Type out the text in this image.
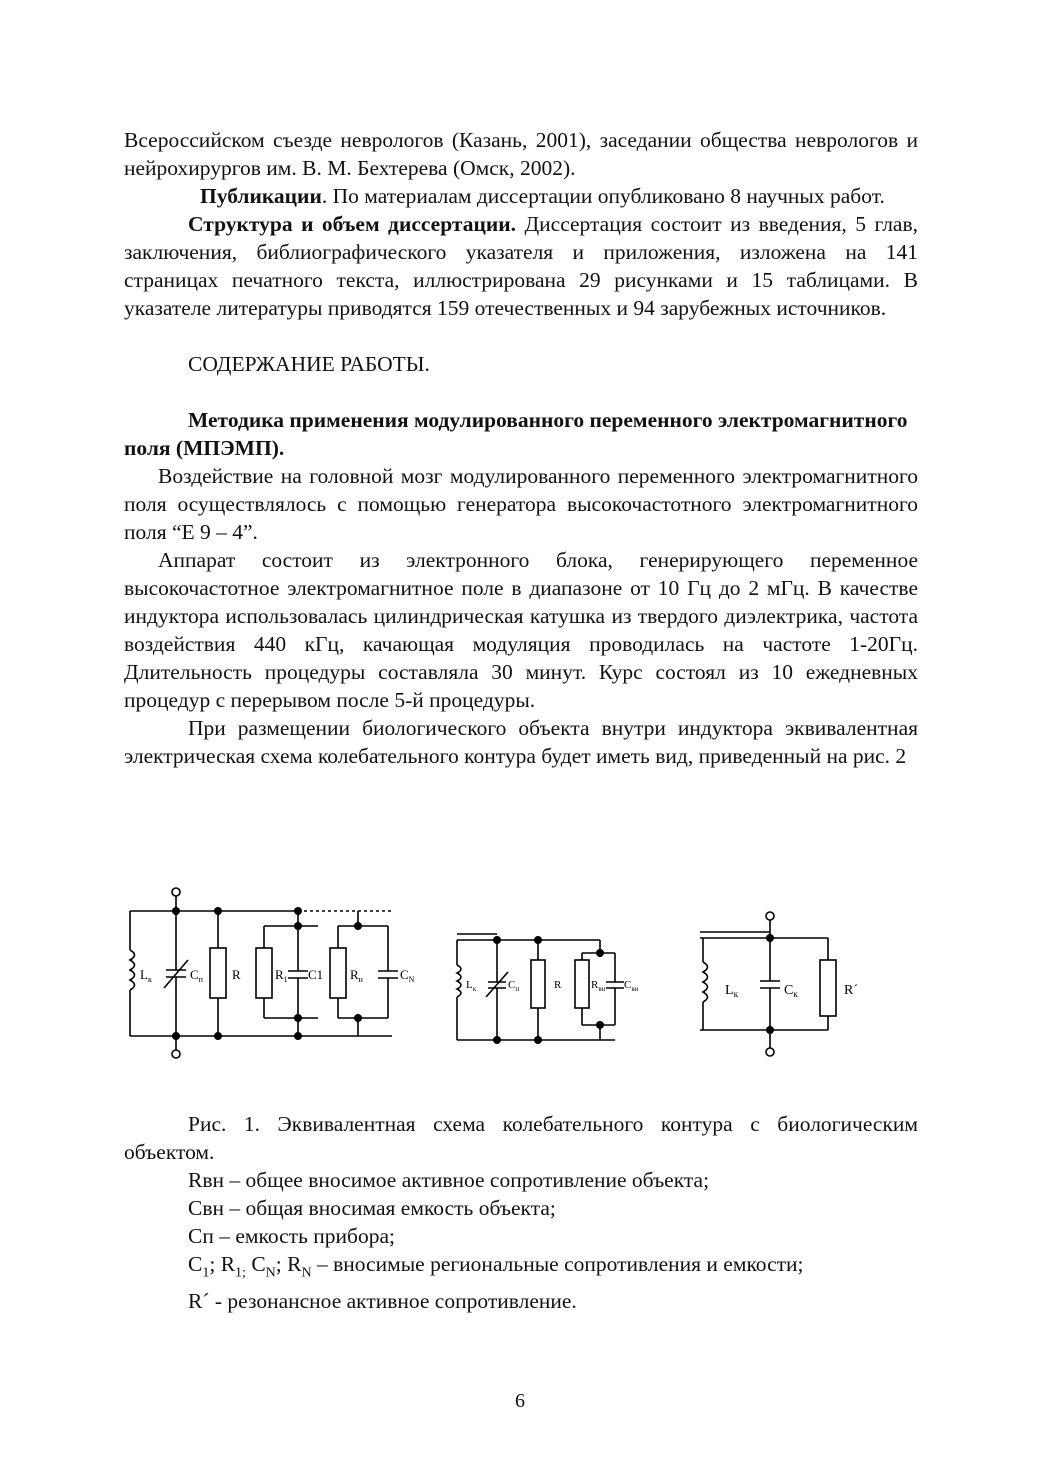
Всероссийском съезде неврологов (Казань, 2001), заседании общества неврологов и нейрохирургов им. В. М. Бехтерева (Омск, 2002).

Публикации. По материалам диссертации опубликовано 8 научных работ.

Структура и объем диссертации. Диссертация состоит из введения, 5 глав, заключения, библиографического указателя и приложения, изложена на 141 страницах печатного текста, иллюстрирована 29 рисунками и 15 таблицами. В указателе литературы приводятся 159 отечественных и 94 зарубежных источников.

СОДЕРЖАНИЕ РАБОТЫ.

Методика применения модулированного переменного электромагнитного поля (МПЭМП).

Воздействие на головной мозг модулированного переменного электромагнитного поля осуществлялось с помощью генератора высокочастотного электромагнитного поля “Е 9 – 4”.

Аппарат состоит из электронного блока, генерирующего переменное высокочастотное электромагнитное поле в диапазоне от 10 Гц до 2 мГц. В качестве индуктора использовалась цилиндрическая катушка из твердого диэлектрика, частота воздействия 440 кГц, качающая модуляция проводилась на частоте 1-20Гц. Длительность процедуры составляла 30 минут. Курс состоял из 10 ежедневных процедур с перерывом после 5-й процедуры.

При размещении биологического объекта внутри индуктора эквивалентная электрическая схема колебательного контура будет иметь вид, приведенный на рис. 2

$L_к$	$C_п$ R	$R_1$ C1 $R_н$	$C_N$	$L_к$	$C_п$	R	$R_{вн}$ $C_{вн}$	$L_к$	$C_к$	R´

Рис. 1. Эквивалентная схема колебательного контура с биологическим объектом.

Rвн – общее вносимое активное сопротивление объекта;

Cвн – общая вносимая емкость объекта;

Cп – емкость прибора;

$C_1$; $R_{1;}$ $C_N$; $R_N$ – вносимые региональные сопротивления и емкости;

R´ - резонансное активное сопротивление.

6
